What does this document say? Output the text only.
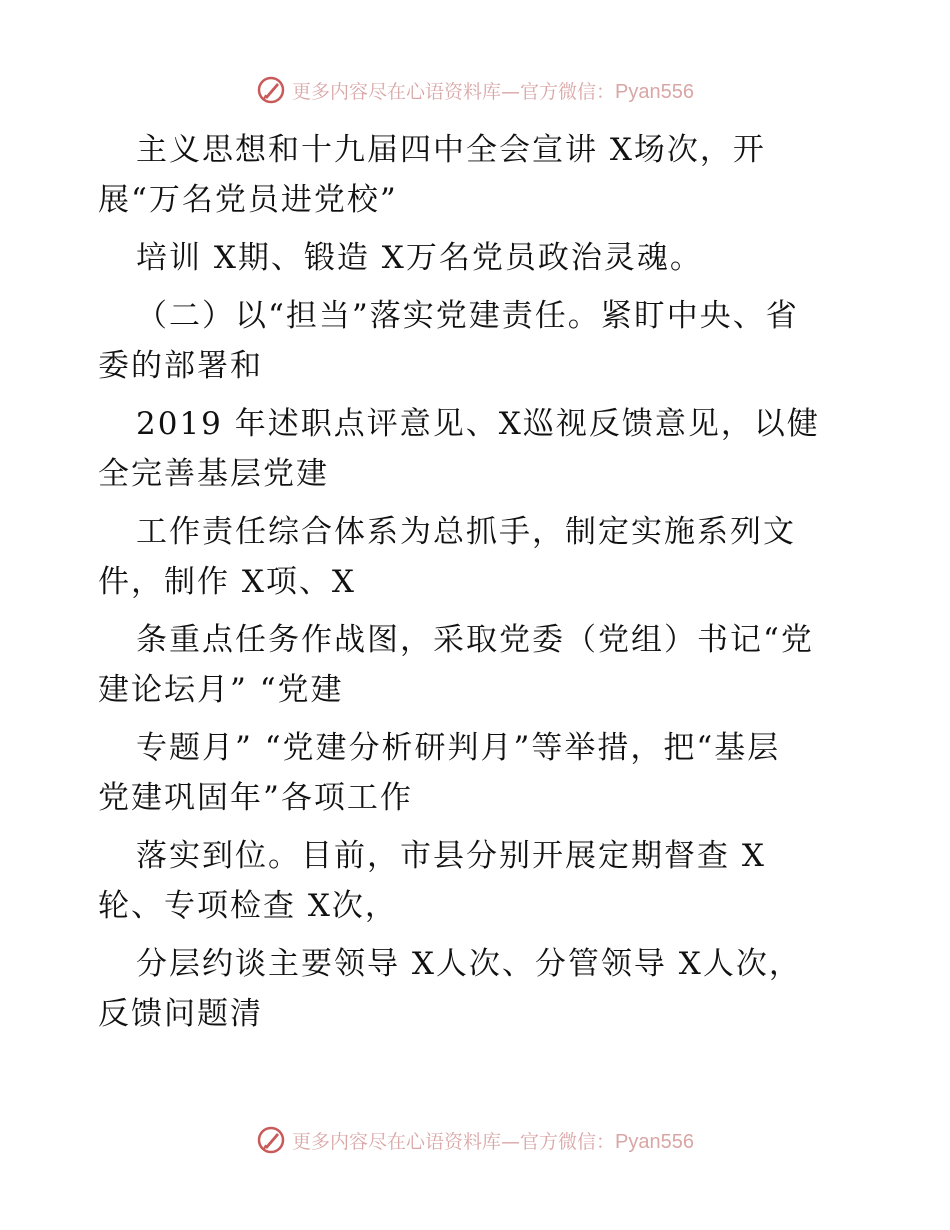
更多内容尽在心语资料库—官方微信：Pyan556
主义思想和十九届四中全会宣讲 X场次，开
展“万名党员进党校”
培训 X期、锻造 X万名党员政治灵魂。
（二）以“担当”落实党建责任。紧盯中央、省
委的部署和
2019 年述职点评意见、X巡视反馈意见，以健
全完善基层党建
工作责任综合体系为总抓手，制定实施系列文
件，制作 X项、X
条重点任务作战图，采取党委（党组）书记“党
建论坛月” “党建
专题月” “党建分析研判月”等举措，把“基层
党建巩固年”各项工作
落实到位。目前，市县分别开展定期督查 X
轮、专项检查 X次，
分层约谈主要领导 X人次、分管领导 X人次，
反馈问题清
更多内容尽在心语资料库—官方微信：Pyan556
